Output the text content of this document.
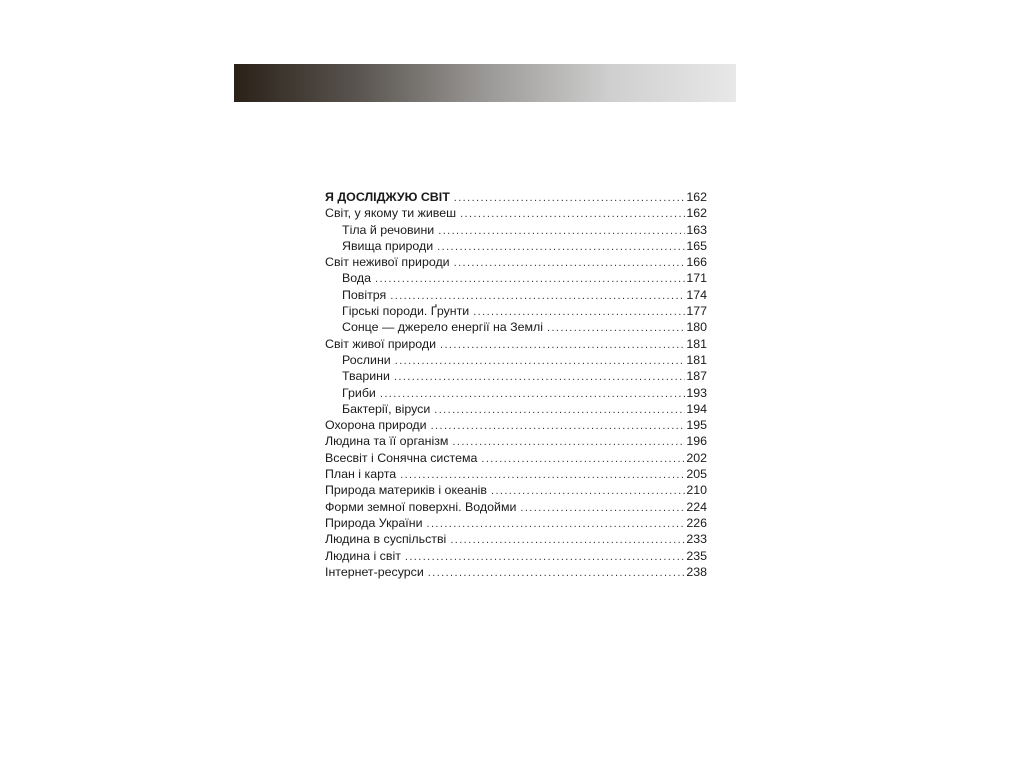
Я ДОСЛІДЖУЮ СВІТ .....	162
Світ, у якому ти живеш .....	162
Тіла й речовини .....	163
Явища природи .....	165
Світ неживої природи .....	166
Вода .....	171
Повітря .....	174
Гірські породи. Ґрунти .....	177
Сонце — джерело енергії на Землі .....	180
Світ живої природи .....	181
Рослини .....	181
Тварини .....	187
Гриби .....	193
Бактерії, віруси .....	194
Охорона природи .....	195
Людина та її організм .....	196
Всесвіт і Сонячна система .....	202
План і карта .....	205
Природа материків і океанів .....	210
Форми земної поверхні. Водойми .....	224
Природа України .....	226
Людина в суспільстві .....	233
Людина і світ .....	235
Інтернет-ресурси .....	238
